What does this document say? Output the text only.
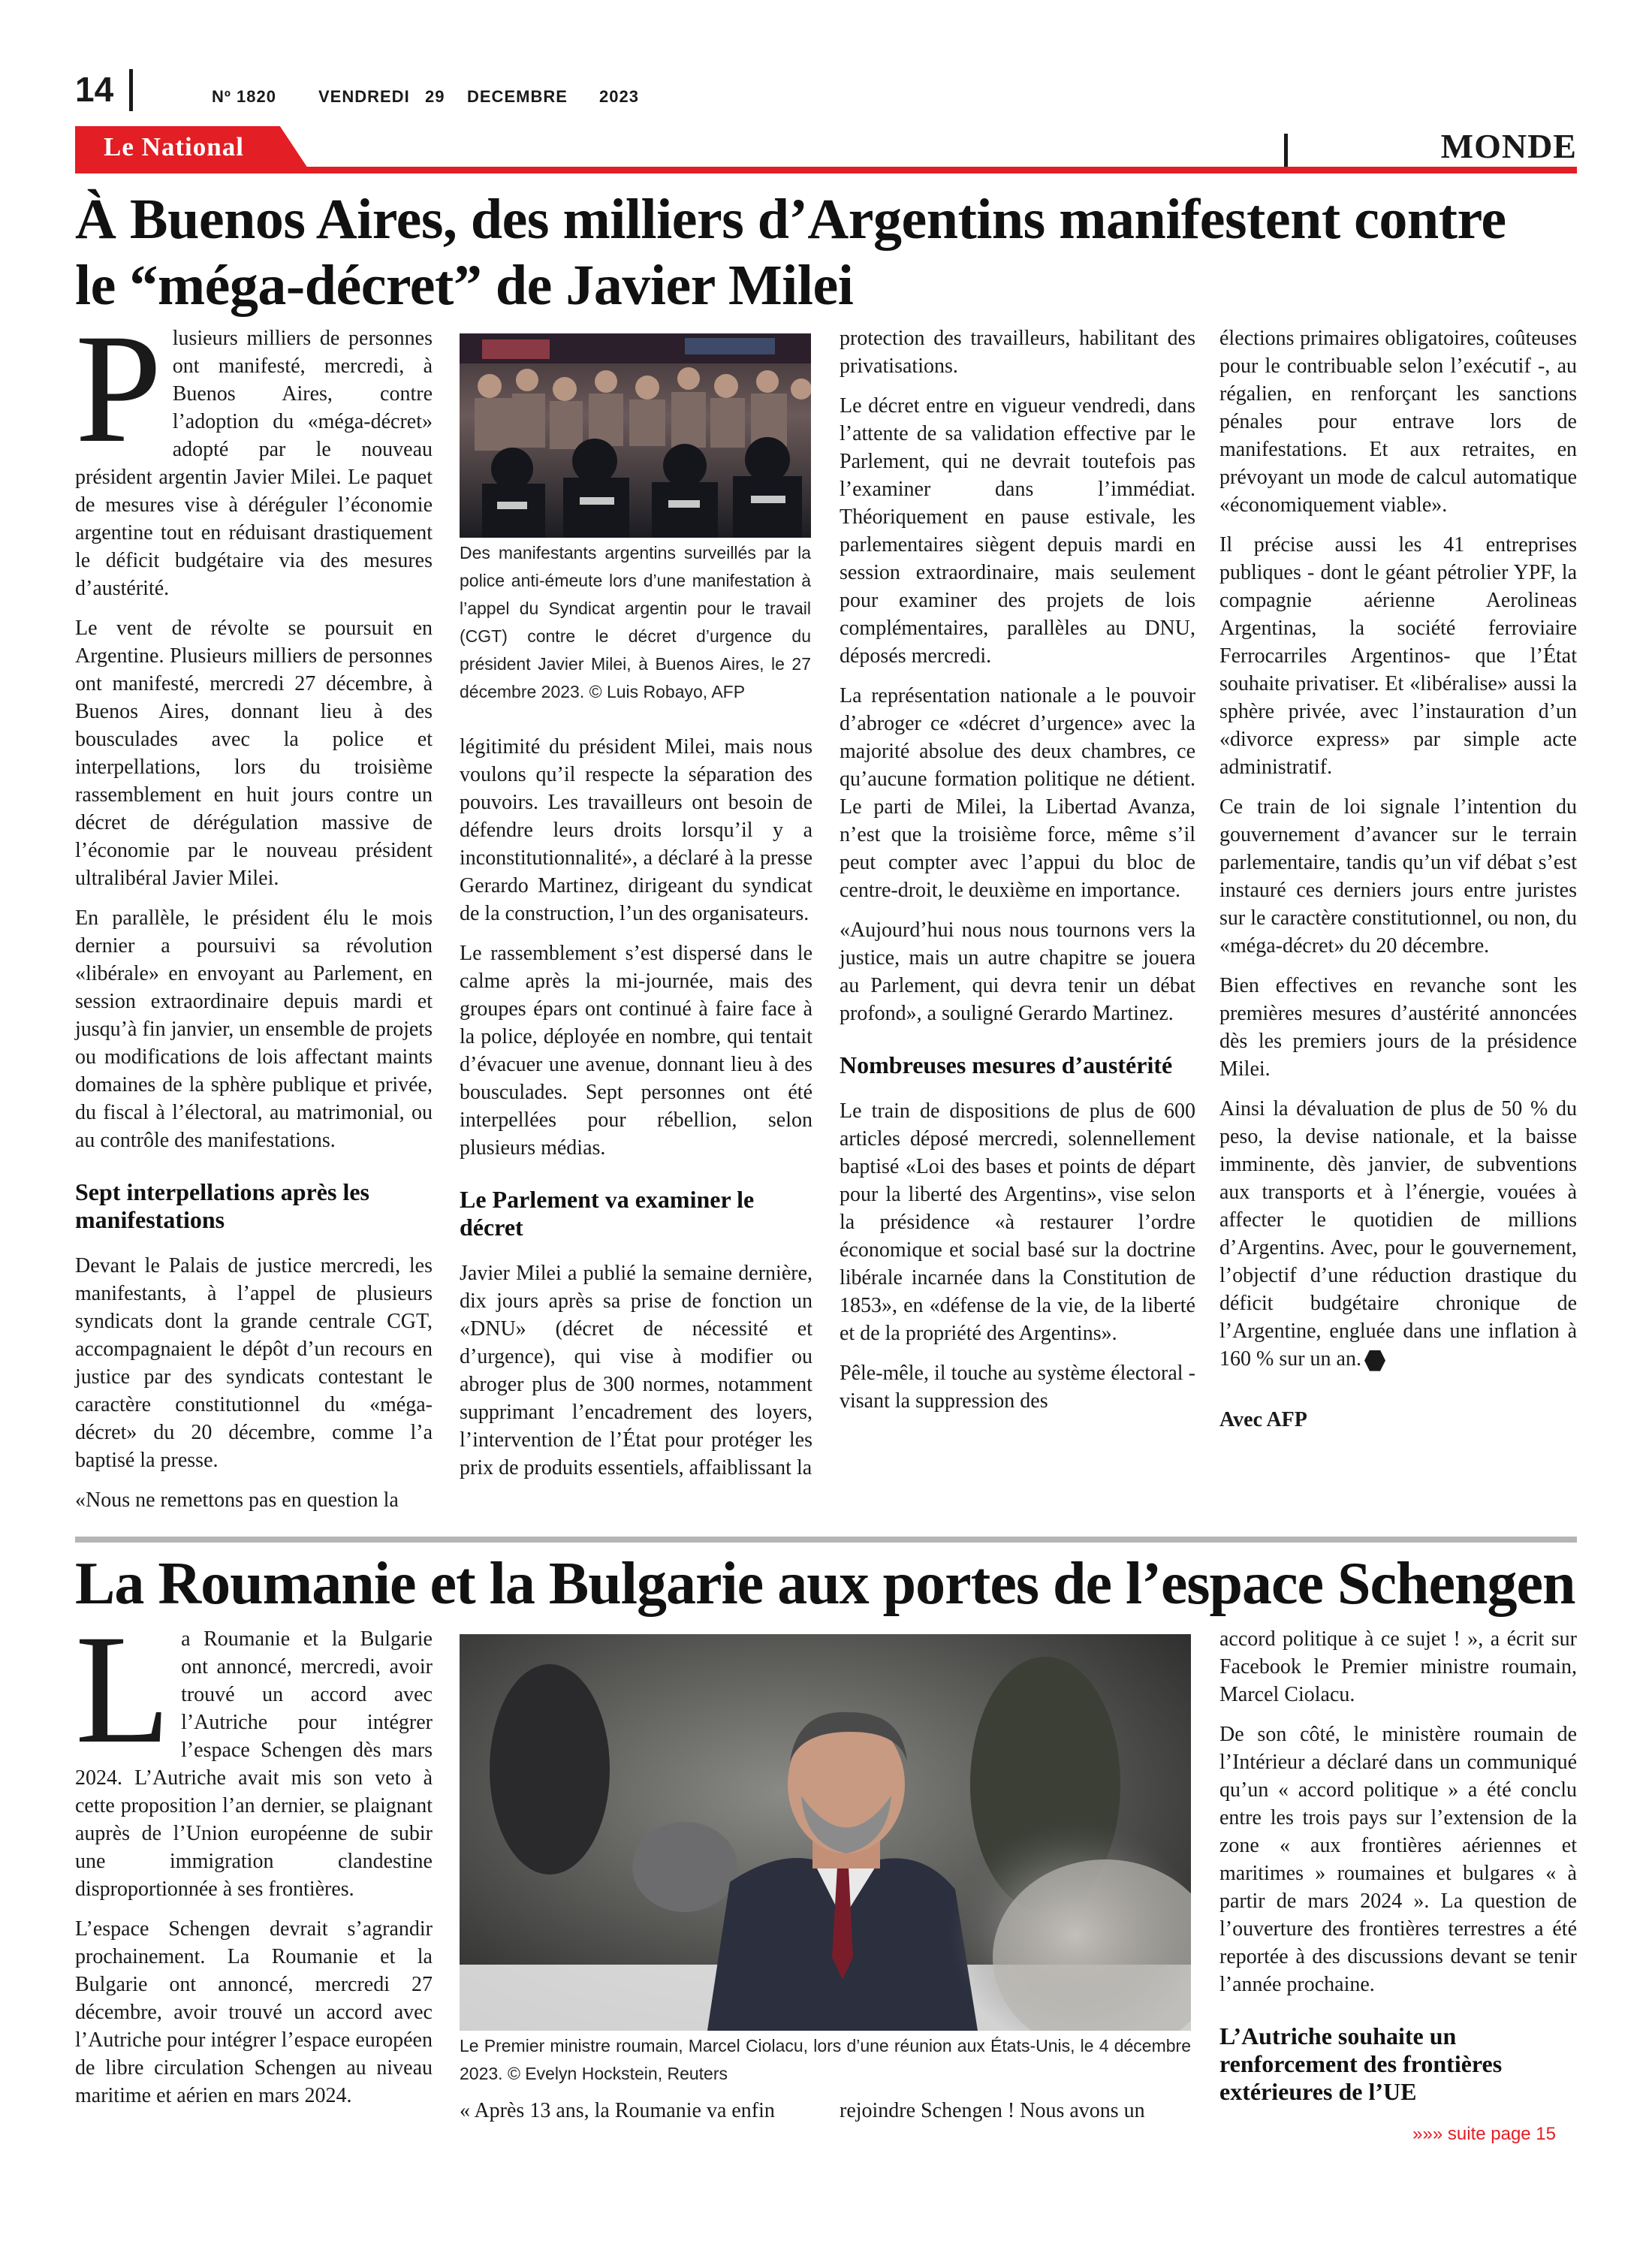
14	Nº 1820	VENDREDI 29 DECEMBRE 2023
Le National	MONDE
À Buenos Aires, des milliers d’Argentins manifestent contre
le “méga-décret” de Javier Milei

Plusieurs milliers de personnes ont manifesté, mercredi, à Buenos Aires, contre l’adoption du «méga-décret» adopté par le nouveau président argentin Javier Milei. Le paquet de mesures vise à déréguler l’économie argentine tout en réduisant drastiquement le déficit budgétaire via des mesures d’austérité.

Le vent de révolte se poursuit en Argentine. Plusieurs milliers de personnes ont manifesté, mercredi 27 décembre, à Buenos Aires, donnant lieu à des bousculades avec la police et interpellations, lors du troisième rassemblement en huit jours contre un décret de dérégulation massive de l’économie par le nouveau président ultralibéral Javier Milei.

En parallèle, le président élu le mois dernier a poursuivi sa révolution «libérale» en envoyant au Parlement, en session extraordinaire depuis mardi et jusqu’à fin janvier, un ensemble de projets ou modifications de lois affectant maints domaines de la sphère publique et privée, du fiscal à l’électoral, au matrimonial, ou au contrôle des manifestations.

Sept interpellations après les manifestations

Devant le Palais de justice mercredi, les manifestants, à l’appel de plusieurs syndicats dont la grande centrale CGT, accompagnaient le dépôt d’un recours en justice par des syndicats contestant le caractère constitutionnel du «méga-décret» du 20 décembre, comme l’a baptisé la presse.

«Nous ne remettons pas en question la

Des manifestants argentins surveillés par la police anti-émeute lors d’une manifestation à l’appel du Syndicat argentin pour le travail (CGT) contre le décret d’urgence du président Javier Milei, à Buenos Aires, le 27 décembre 2023. © Luis Robayo, AFP

légitimité du président Milei, mais nous voulons qu’il respecte la séparation des pouvoirs. Les travailleurs ont besoin de défendre leurs droits lorsqu’il y a inconstitutionnalité», a déclaré à la presse Gerardo Martinez, dirigeant du syndicat de la construction, l’un des organisateurs.

Le rassemblement s’est dispersé dans le calme après la mi-journée, mais des groupes épars ont continué à faire face à la police, déployée en nombre, qui tentait d’évacuer une avenue, donnant lieu à des bousculades. Sept personnes ont été interpellées pour rébellion, selon plusieurs médias.

Le Parlement va examiner le décret

Javier Milei a publié la semaine dernière, dix jours après sa prise de fonction un «DNU» (décret de nécessité et d’urgence), qui vise à modifier ou abroger plus de 300 normes, notamment supprimant l’encadrement des loyers, l’intervention de l’État pour protéger les prix de produits essentiels, affaiblissant la

protection des travailleurs, habilitant des privatisations.

Le décret entre en vigueur vendredi, dans l’attente de sa validation effective par le Parlement, qui ne devrait toutefois pas l’examiner dans l’immédiat. Théoriquement en pause estivale, les parlementaires siègent depuis mardi en session extraordinaire, mais seulement pour examiner des projets de lois complémentaires, parallèles au DNU, déposés mercredi.

La représentation nationale a le pouvoir d’abroger ce «décret d’urgence» avec la majorité absolue des deux chambres, ce qu’aucune formation politique ne détient. Le parti de Milei, la Libertad Avanza, n’est que la troisième force, même s’il peut compter avec l’appui du bloc de centre-droit, le deuxième en importance.

«Aujourd’hui nous nous tournons vers la justice, mais un autre chapitre se jouera au Parlement, qui devra tenir un débat profond», a souligné Gerardo Martinez.

Nombreuses mesures d’austérité

Le train de dispositions de plus de 600 articles déposé mercredi, solennellement baptisé «Loi des bases et points de départ pour la liberté des Argentins», vise selon la présidence «à restaurer l’ordre économique et social basé sur la doctrine libérale incarnée dans la Constitution de 1853», en «défense de la vie, de la liberté et de la propriété des Argentins».

Pêle-mêle, il touche au système électoral - visant la suppression des

élections primaires obligatoires, coûteuses pour le contribuable selon l’exécutif -, au régalien, en renforçant les sanctions pénales pour entrave lors de manifestations. Et aux retraites, en prévoyant un mode de calcul automatique «économiquement viable».

Il précise aussi les 41 entreprises publiques - dont le géant pétrolier YPF, la compagnie aérienne Aerolineas Argentinas, la société ferroviaire Ferrocarriles Argentinos- que l’État souhaite privatiser. Et «libéralise» aussi la sphère privée, avec l’instauration d’un «divorce express» par simple acte administratif.

Ce train de loi signale l’intention du gouvernement d’avancer sur le terrain parlementaire, tandis qu’un vif débat s’est instauré ces derniers jours entre juristes sur le caractère constitutionnel, ou non, du «méga-décret» du 20 décembre.

Bien effectives en revanche sont les premières mesures d’austérité annoncées dès les premiers jours de la présidence Milei.

Ainsi la dévaluation de plus de 50 % du peso, la devise nationale, et la baisse imminente, dès janvier, de subventions aux transports et à l’énergie, vouées à affecter le quotidien de millions d’Argentins. Avec, pour le gouvernement, l’objectif d’une réduction drastique du déficit budgétaire chronique de l’Argentine, engluée dans une inflation à 160 % sur un an.

Avec AFP

La Roumanie et la Bulgarie aux portes de l’espace Schengen

La Roumanie et la Bulgarie ont annoncé, mercredi, avoir trouvé un accord avec l’Autriche pour intégrer l’espace Schengen dès mars 2024. L’Autriche avait mis son veto à cette proposition l’an dernier, se plaignant auprès de l’Union européenne de subir une immigration clandestine disproportionnée à ses frontières.

L’espace Schengen devrait s’agrandir prochainement. La Roumanie et la Bulgarie ont annoncé, mercredi 27 décembre, avoir trouvé un accord avec l’Autriche pour intégrer l’espace européen de libre circulation Schengen au niveau maritime et aérien en mars 2024.

Le Premier ministre roumain, Marcel Ciolacu, lors d’une réunion aux États-Unis, le 4 décembre 2023. © Evelyn Hockstein, Reuters

« Après 13 ans, la Roumanie va enfin	rejoindre Schengen ! Nous avons un

accord politique à ce sujet ! », a écrit sur Facebook le Premier ministre roumain, Marcel Ciolacu.

De son côté, le ministère roumain de l’Intérieur a déclaré dans un communiqué qu’un « accord politique » a été conclu entre les trois pays sur l’extension de la zone « aux frontières aériennes et maritimes » roumaines et bulgares « à partir de mars 2024 ». La question de l’ouverture des frontières terrestres a été reportée à des discussions devant se tenir l’année prochaine.

L’Autriche souhaite un renforcement des frontières extérieures de l’UE
»»» suite page 15
